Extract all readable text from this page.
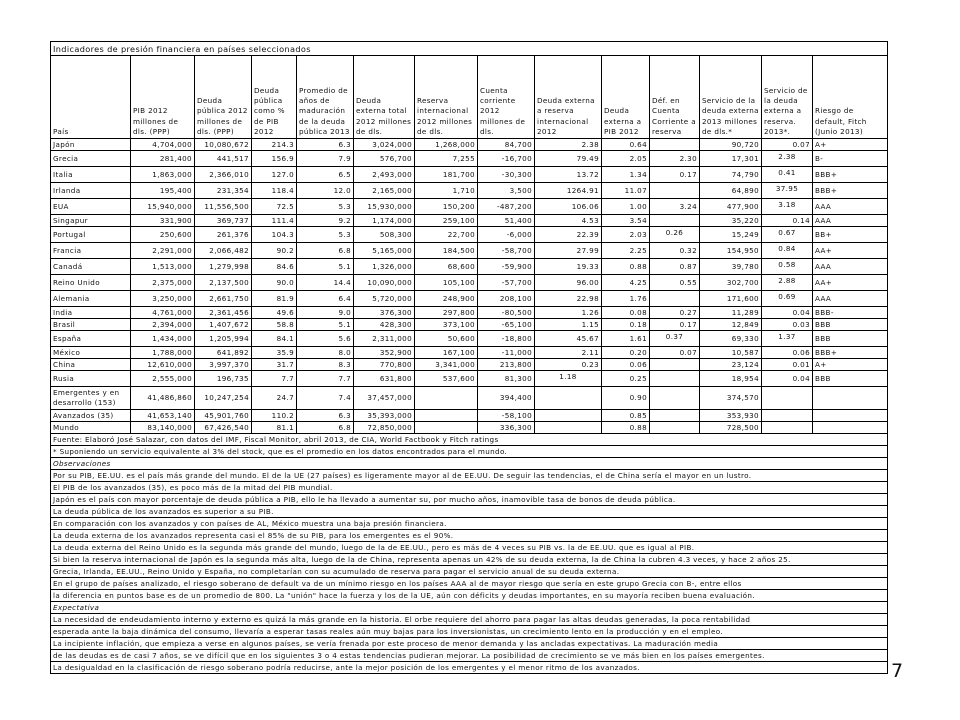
Indicadores de presión financiera en países seleccionados													
País	PIB 2012 millones de dls. (PPP)	Deuda pública 2012 millones de dls. (PPP)	Deuda pública como % de PIB 2012	Promedio de años de maduración de la deuda pública 2013	Deuda externa total 2012 millones de dls.	Reserva internacional 2012 millones de dls.	Cuenta corriente 2012 millones de dls.	Deuda externa a reserva internacional 2012	Deuda externa a PIB 2012	Déf. en Cuenta Corriente a reserva	Servicio de la deuda externa 2013 millones de dls.*	Servicio de la deuda externa a reserva. 2013*.	Riesgo de default, Fitch (Junio 2013)
Japón	4,704,000	10,080,672	214.3	6.3	3,024,000	1,268,000	84,700	2.38	0.64		90,720	0.07	A+
Grecia	281,400	441,517	156.9	7.9	576,700	7,255	-16,700	79.49	2.05	2.30	17,301	2.38	B-
Italia	1,863,000	2,366,010	127.0	6.5	2,493,000	181,700	-30,300	13.72	1.34	0.17	74,790	0.41	BBB+
Irlanda	195,400	231,354	118.4	12.0	2,165,000	1,710	3,500	1264.91	11.07		64,890	37.95	BBB+
EUA	15,940,000	11,556,500	72.5	5.3	15,930,000	150,200	-487,200	106.06	1.00	3.24	477,900	3.18	AAA
Singapur	331,900	369,737	111.4	9.2	1,174,000	259,100	51,400	4.53	3.54		35,220	0.14	AAA
Portugal	250,600	261,376	104.3	5.3	508,300	22,700	-6,000	22.39	2.03	0.26	15,249	0.67	BB+
Francia	2,291,000	2,066,482	90.2	6.8	5,165,000	184,500	-58,700	27.99	2.25	0.32	154,950	0.84	AA+
Canadá	1,513,000	1,279,998	84.6	5.1	1,326,000	68,600	-59,900	19.33	0.88	0.87	39,780	0.58	AAA
Reino Unido	2,375,000	2,137,500	90.0	14.4	10,090,000	105,100	-57,700	96.00	4.25	0.55	302,700	2.88	AA+
Alemania	3,250,000	2,661,750	81.9	6.4	5,720,000	248,900	208,100	22.98	1.76		171,600	0.69	AAA
India	4,761,000	2,361,456	49.6	9.0	376,300	297,800	-80,500	1.26	0.08	0.27	11,289	0.04	BBB-
Brasil	2,394,000	1,407,672	58.8	5.1	428,300	373,100	-65,100	1.15	0.18	0.17	12,849	0.03	BBB
España	1,434,000	1,205,994	84.1	5.6	2,311,000	50,600	-18,800	45.67	1.61	0.37	69,330	1.37	BBB
México	1,788,000	641,892	35.9	8.0	352,900	167,100	-11,000	2.11	0.20	0.07	10,587	0.06	BBB+
China	12,610,000	3,997,370	31.7	8.3	770,800	3,341,000	213,800	0.23	0.06		23,124	0.01	A+
Rusia	2,555,000	196,735	7.7	7.7	631,800	537,600	81,300	1.18	0.25		18,954	0.04	BBB
Emergentes y en desarrollo (153)	41,486,860	10,247,254	24.7	7.4	37,457,000		394,400		0.90		374,570		
Avanzados (35)	41,653,140	45,901,760	110.2	6.3	35,393,000		-58,100		0.85		353,930		
Mundo	83,140,000	67,426,540	81.1	6.8	72,850,000		336,300		0.88		728,500		
Fuente: Elaboró José Salazar, con datos del IMF, Fiscal Monitor, abril 2013, de CIA, World Factbook y Fitch ratings													
* Suponiendo un servicio equivalente al 3% del stock, que es el promedio en los datos encontrados para el mundo.													
Observaciones													
Por su PIB, EE.UU. es el país más grande del mundo. El de la UE (27 países) es ligeramente mayor al de EE.UU. De seguir las tendencias, el de China sería el mayor en un lustro.													
El PIB de los avanzados (35), es poco más de la mitad del PIB mundial.													
Japón es el país con mayor porcentaje de deuda pública a PIB, ello le ha llevado a aumentar su, por mucho años, inamovible tasa de bonos de deuda pública.													
La deuda pública de los avanzados es superior a su PIB.													
En comparación con los avanzados y con países de AL, México muestra una baja presión financiera.													
La deuda externa de los avanzados representa casi el 85% de su PIB, para los emergentes es el 90%.													
La deuda externa del Reino Unido es la segunda más grande del mundo, luego de la de EE.UU., pero es más de 4 veces su PIB vs. la de EE.UU. que es igual al PIB.													
Si bien la reserva internacional de Japón es la segunda más alta, luego de la de China, representa apenas un 42% de su deuda externa, la de China la cubren 4.3 veces, y hace 2 años 25.													
Grecia, Irlanda, EE.UU., Reino Unido y España, no completarían con su acumulado de reserva para pagar el servicio anual de su deuda externa.													
En el grupo de países analizado, el riesgo soberano de default va de un mínimo riesgo en los países AAA al de mayor riesgo que sería en este grupo Grecia con B-, entre ellos													
la diferencia en puntos base es de un promedio de 800. La "unión" hace la fuerza y los de la UE, aún con déficits y deudas importantes, en su mayoría reciben buena evaluación.													
Expectativa													
La necesidad de endeudamiento interno y externo es quizá la más grande en la historia. El orbe requiere del ahorro para pagar las altas deudas generadas, la poca rentabilidad													
esperada ante la baja dinámica del consumo, llevaría a esperar tasas reales aún muy bajas para los inversionistas, un crecimiento lento en la producción y en el empleo.													
La incipiente inflación, que empieza a verse en algunos países, se vería frenada por este proceso de menor demanda y las ancladas expectativas. La maduración media													
de las deudas es de casi 7 años, se ve difícil que en los siguientes 3 o 4 estas tendencias pudieran mejorar. La posibilidad de crecimiento se ve más bien en los países emergentes.													
La desigualdad en la clasificación de riesgo soberano podría reducirse, ante la mejor posición de los emergentes y el menor ritmo de los avanzados.														7
